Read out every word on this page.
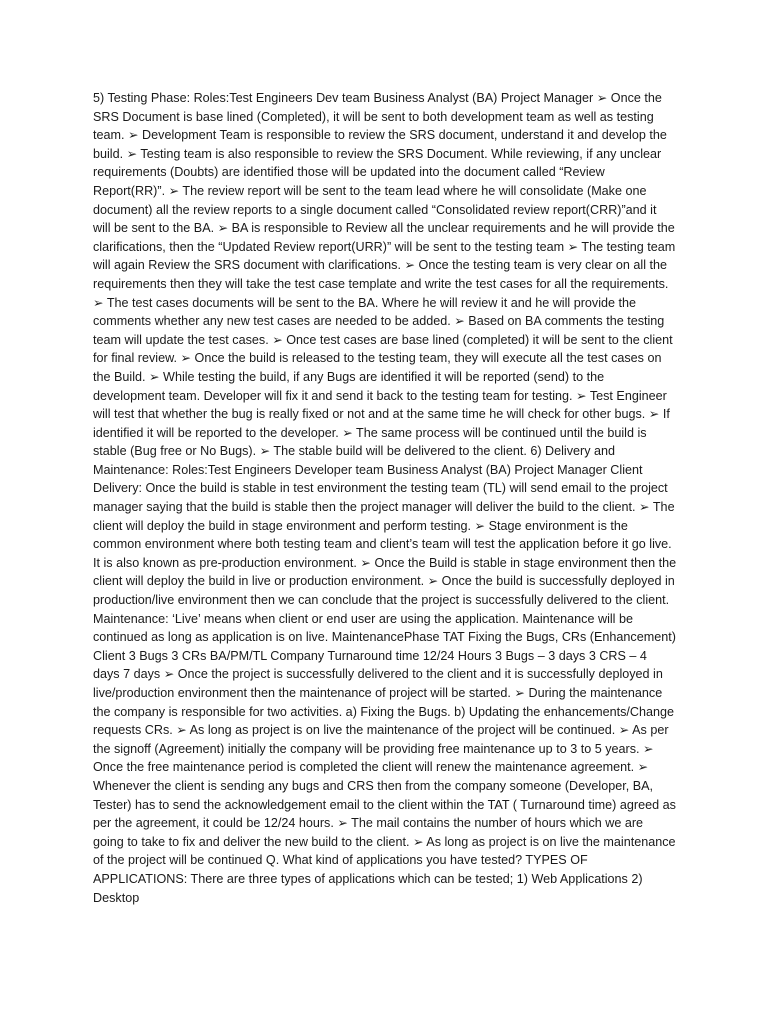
5) Testing Phase: Roles:Test Engineers Dev team Business Analyst (BA) Project Manager ➢ Once the SRS Document is base lined (Completed), it will be sent to both development team as well as testing team. ➢ Development Team is responsible to review the SRS document, understand it and develop the build. ➢ Testing team is also responsible to review the SRS Document. While reviewing, if any unclear requirements (Doubts) are identified those will be updated into the document called “Review Report(RR)”. ➢ The review report will be sent to the team lead where he will consolidate (Make one document) all the review reports to a single document called “Consolidated review report(CRR)”and it will be sent to the BA. ➢ BA is responsible to Review all the unclear requirements and he will provide the clarifications, then the “Updated Review report(URR)” will be sent to the testing team ➢ The testing team will again Review the SRS document with clarifications. ➢ Once the testing team is very clear on all the requirements then they will take the test case template and write the test cases for all the requirements. ➢ The test cases documents will be sent to the BA. Where he will review it and he will provide the comments whether any new test cases are needed to be added. ➢ Based on BA comments the testing team will update the test cases. ➢ Once test cases are base lined (completed) it will be sent to the client for final review. ➢ Once the build is released to the testing team, they will execute all the test cases on the Build. ➢ While testing the build, if any Bugs are identified it will be reported (send) to the development team. Developer will fix it and send it back to the testing team for testing. ➢ Test Engineer will test that whether the bug is really fixed or not and at the same time he will check for other bugs. ➢ If identified it will be reported to the developer. ➢ The same process will be continued until the build is stable (Bug free or No Bugs). ➢ The stable build will be delivered to the client. 6) Delivery and Maintenance: Roles:Test Engineers Developer team Business Analyst (BA) Project Manager Client Delivery: Once the build is stable in test environment the testing team (TL) will send email to the project manager saying that the build is stable then the project manager will deliver the build to the client. ➢ The client will deploy the build in stage environment and perform testing. ➢ Stage environment is the common environment where both testing team and client’s team will test the application before it go live. It is also known as pre-production environment. ➢ Once the Build is stable in stage environment then the client will deploy the build in live or production environment. ➢ Once the build is successfully deployed in production/live environment then we can conclude that the project is successfully delivered to the client. Maintenance: ‘Live’ means when client or end user are using the application. Maintenance will be continued as long as application is on live. MaintenancePhase TAT Fixing the Bugs, CRs (Enhancement) Client 3 Bugs 3 CRs BA/PM/TL Company Turnaround time 12/24 Hours 3 Bugs – 3 days 3 CRS – 4 days 7 days ➢ Once the project is successfully delivered to the client and it is successfully deployed in live/production environment then the maintenance of project will be started. ➢ During the maintenance the company is responsible for two activities. a) Fixing the Bugs. b) Updating the enhancements/Change requests CRs. ➢ As long as project is on live the maintenance of the project will be continued. ➢ As per the signoff (Agreement) initially the company will be providing free maintenance up to 3 to 5 years. ➢ Once the free maintenance period is completed the client will renew the maintenance agreement. ➢ Whenever the client is sending any bugs and CRS then from the company someone (Developer, BA, Tester) has to send the acknowledgement email to the client within the TAT ( Turnaround time) agreed as per the agreement, it could be 12/24 hours. ➢ The mail contains the number of hours which we are going to take to fix and deliver the new build to the client. ➢ As long as project is on live the maintenance of the project will be continued Q. What kind of applications you have tested? TYPES OF APPLICATIONS: There are three types of applications which can be tested; 1) Web Applications 2) Desktop
